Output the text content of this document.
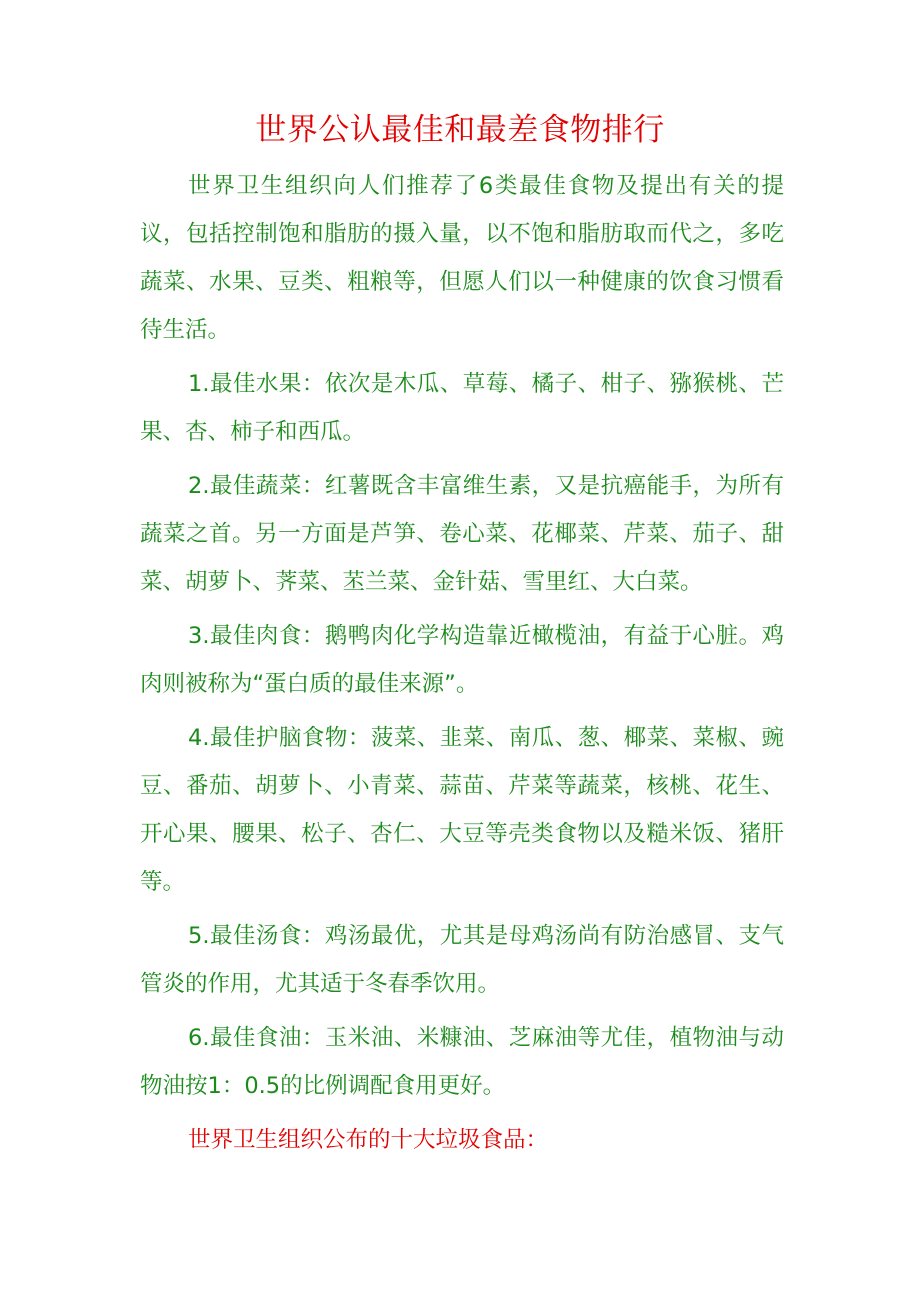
世界公认最佳和最差食物排行

世界卫生组织向人们推荐了6类最佳食物及提出有关的提议，包括控制饱和脂肪的摄入量，以不饱和脂肪取而代之，多吃蔬菜、水果、豆类、粗粮等，但愿人们以一种健康的饮食习惯看待生活。

1.最佳水果：依次是木瓜、草莓、橘子、柑子、猕猴桃、芒果、杏、柿子和西瓜。

2.最佳蔬菜：红薯既含丰富维生素，又是抗癌能手，为所有蔬菜之首。另一方面是芦笋、卷心菜、花椰菜、芹菜、茄子、甜菜、胡萝卜、荠菜、苤兰菜、金针菇、雪里红、大白菜。

3.最佳肉食：鹅鸭肉化学构造靠近橄榄油，有益于心脏。鸡肉则被称为“蛋白质的最佳来源”。

4.最佳护脑食物：菠菜、韭菜、南瓜、葱、椰菜、菜椒、豌豆、番茄、胡萝卜、小青菜、蒜苗、芹菜等蔬菜，核桃、花生、开心果、腰果、松子、杏仁、大豆等壳类食物以及糙米饭、猪肝等。

5.最佳汤食：鸡汤最优，尤其是母鸡汤尚有防治感冒、支气管炎的作用，尤其适于冬春季饮用。

6.最佳食油：玉米油、米糠油、芝麻油等尤佳，植物油与动物油按1：0.5的比例调配食用更好。

世界卫生组织公布的十大垃圾食品：
